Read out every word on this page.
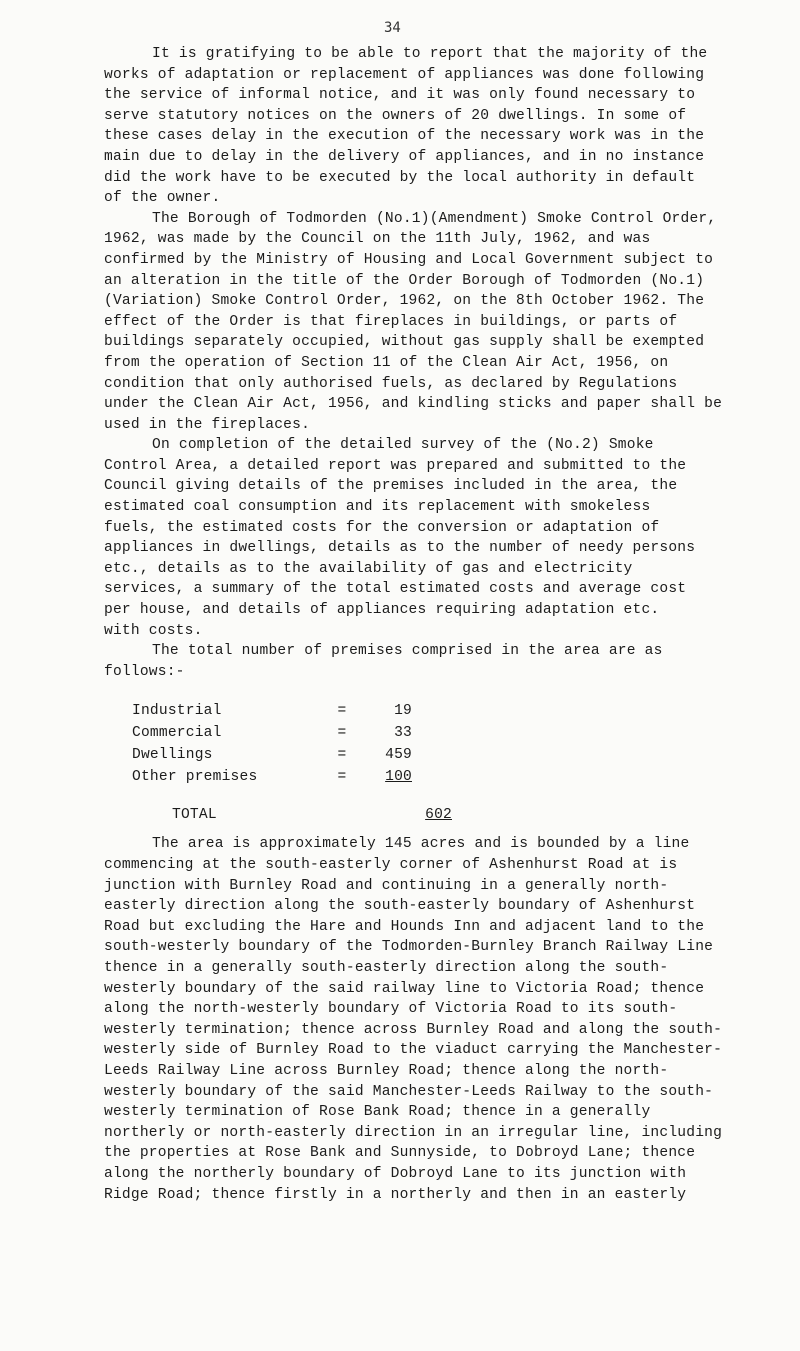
34

It is gratifying to be able to report that the majority of the
works of adaptation or replacement of appliances was done following
the service of informal notice, and it was only found necessary to
serve statutory notices on the owners of 20 dwellings. In some of
these cases delay in the execution of the necessary work was in the
main due to delay in the delivery of appliances, and in no instance
did the work have to be executed by the local authority in default
of the owner.

The Borough of Todmorden (No.1)(Amendment) Smoke Control Order,
1962, was made by the Council on the 11th July, 1962, and was
confirmed by the Ministry of Housing and Local Government subject to
an alteration in the title of the Order Borough of Todmorden (No.1)
(Variation) Smoke Control Order, 1962, on the 8th October 1962. The
effect of the Order is that fireplaces in buildings, or parts of
buildings separately occupied, without gas supply shall be exempted
from the operation of Section 11 of the Clean Air Act, 1956, on
condition that only authorised fuels, as declared by Regulations
under the Clean Air Act, 1956, and kindling sticks and paper shall be
used in the fireplaces.

On completion of the detailed survey of the (No.2) Smoke
Control Area, a detailed report was prepared and submitted to the
Council giving details of the premises included in the area, the
estimated coal consumption and its replacement with smokeless
fuels, the estimated costs for the conversion or adaptation of
appliances in dwellings, details as to the number of needy persons
etc., details as to the availability of gas and electricity
services, a summary of the total estimated costs and average cost
per house, and details of appliances requiring adaptation etc.
with costs.

The total number of premises comprised in the area are as
follows:-

Industrial	=	19
Commercial	=	33
Dwellings	=	459
Other premises	=	100
TOTAL	602

The area is approximately 145 acres and is bounded by a line
commencing at the south-easterly corner of Ashenhurst Road at is
junction with Burnley Road and continuing in a generally north-
easterly direction along the south-easterly boundary of Ashenhurst
Road but excluding the Hare and Hounds Inn and adjacent land to the
south-westerly boundary of the Todmorden-Burnley Branch Railway Line
thence in a generally south-easterly direction along the south-
westerly boundary of the said railway line to Victoria Road; thence
along the north-westerly boundary of Victoria Road to its south-
westerly termination; thence across Burnley Road and along the south-
westerly side of Burnley Road to the viaduct carrying the Manchester-
Leeds Railway Line across Burnley Road; thence along the north-
westerly boundary of the said Manchester-Leeds Railway to the south-
westerly termination of Rose Bank Road; thence in a generally
northerly or north-easterly direction in an irregular line, including
the properties at Rose Bank and Sunnyside, to Dobroyd Lane; thence
along the northerly boundary of Dobroyd Lane to its junction with
Ridge Road; thence firstly in a northerly and then in an easterly
